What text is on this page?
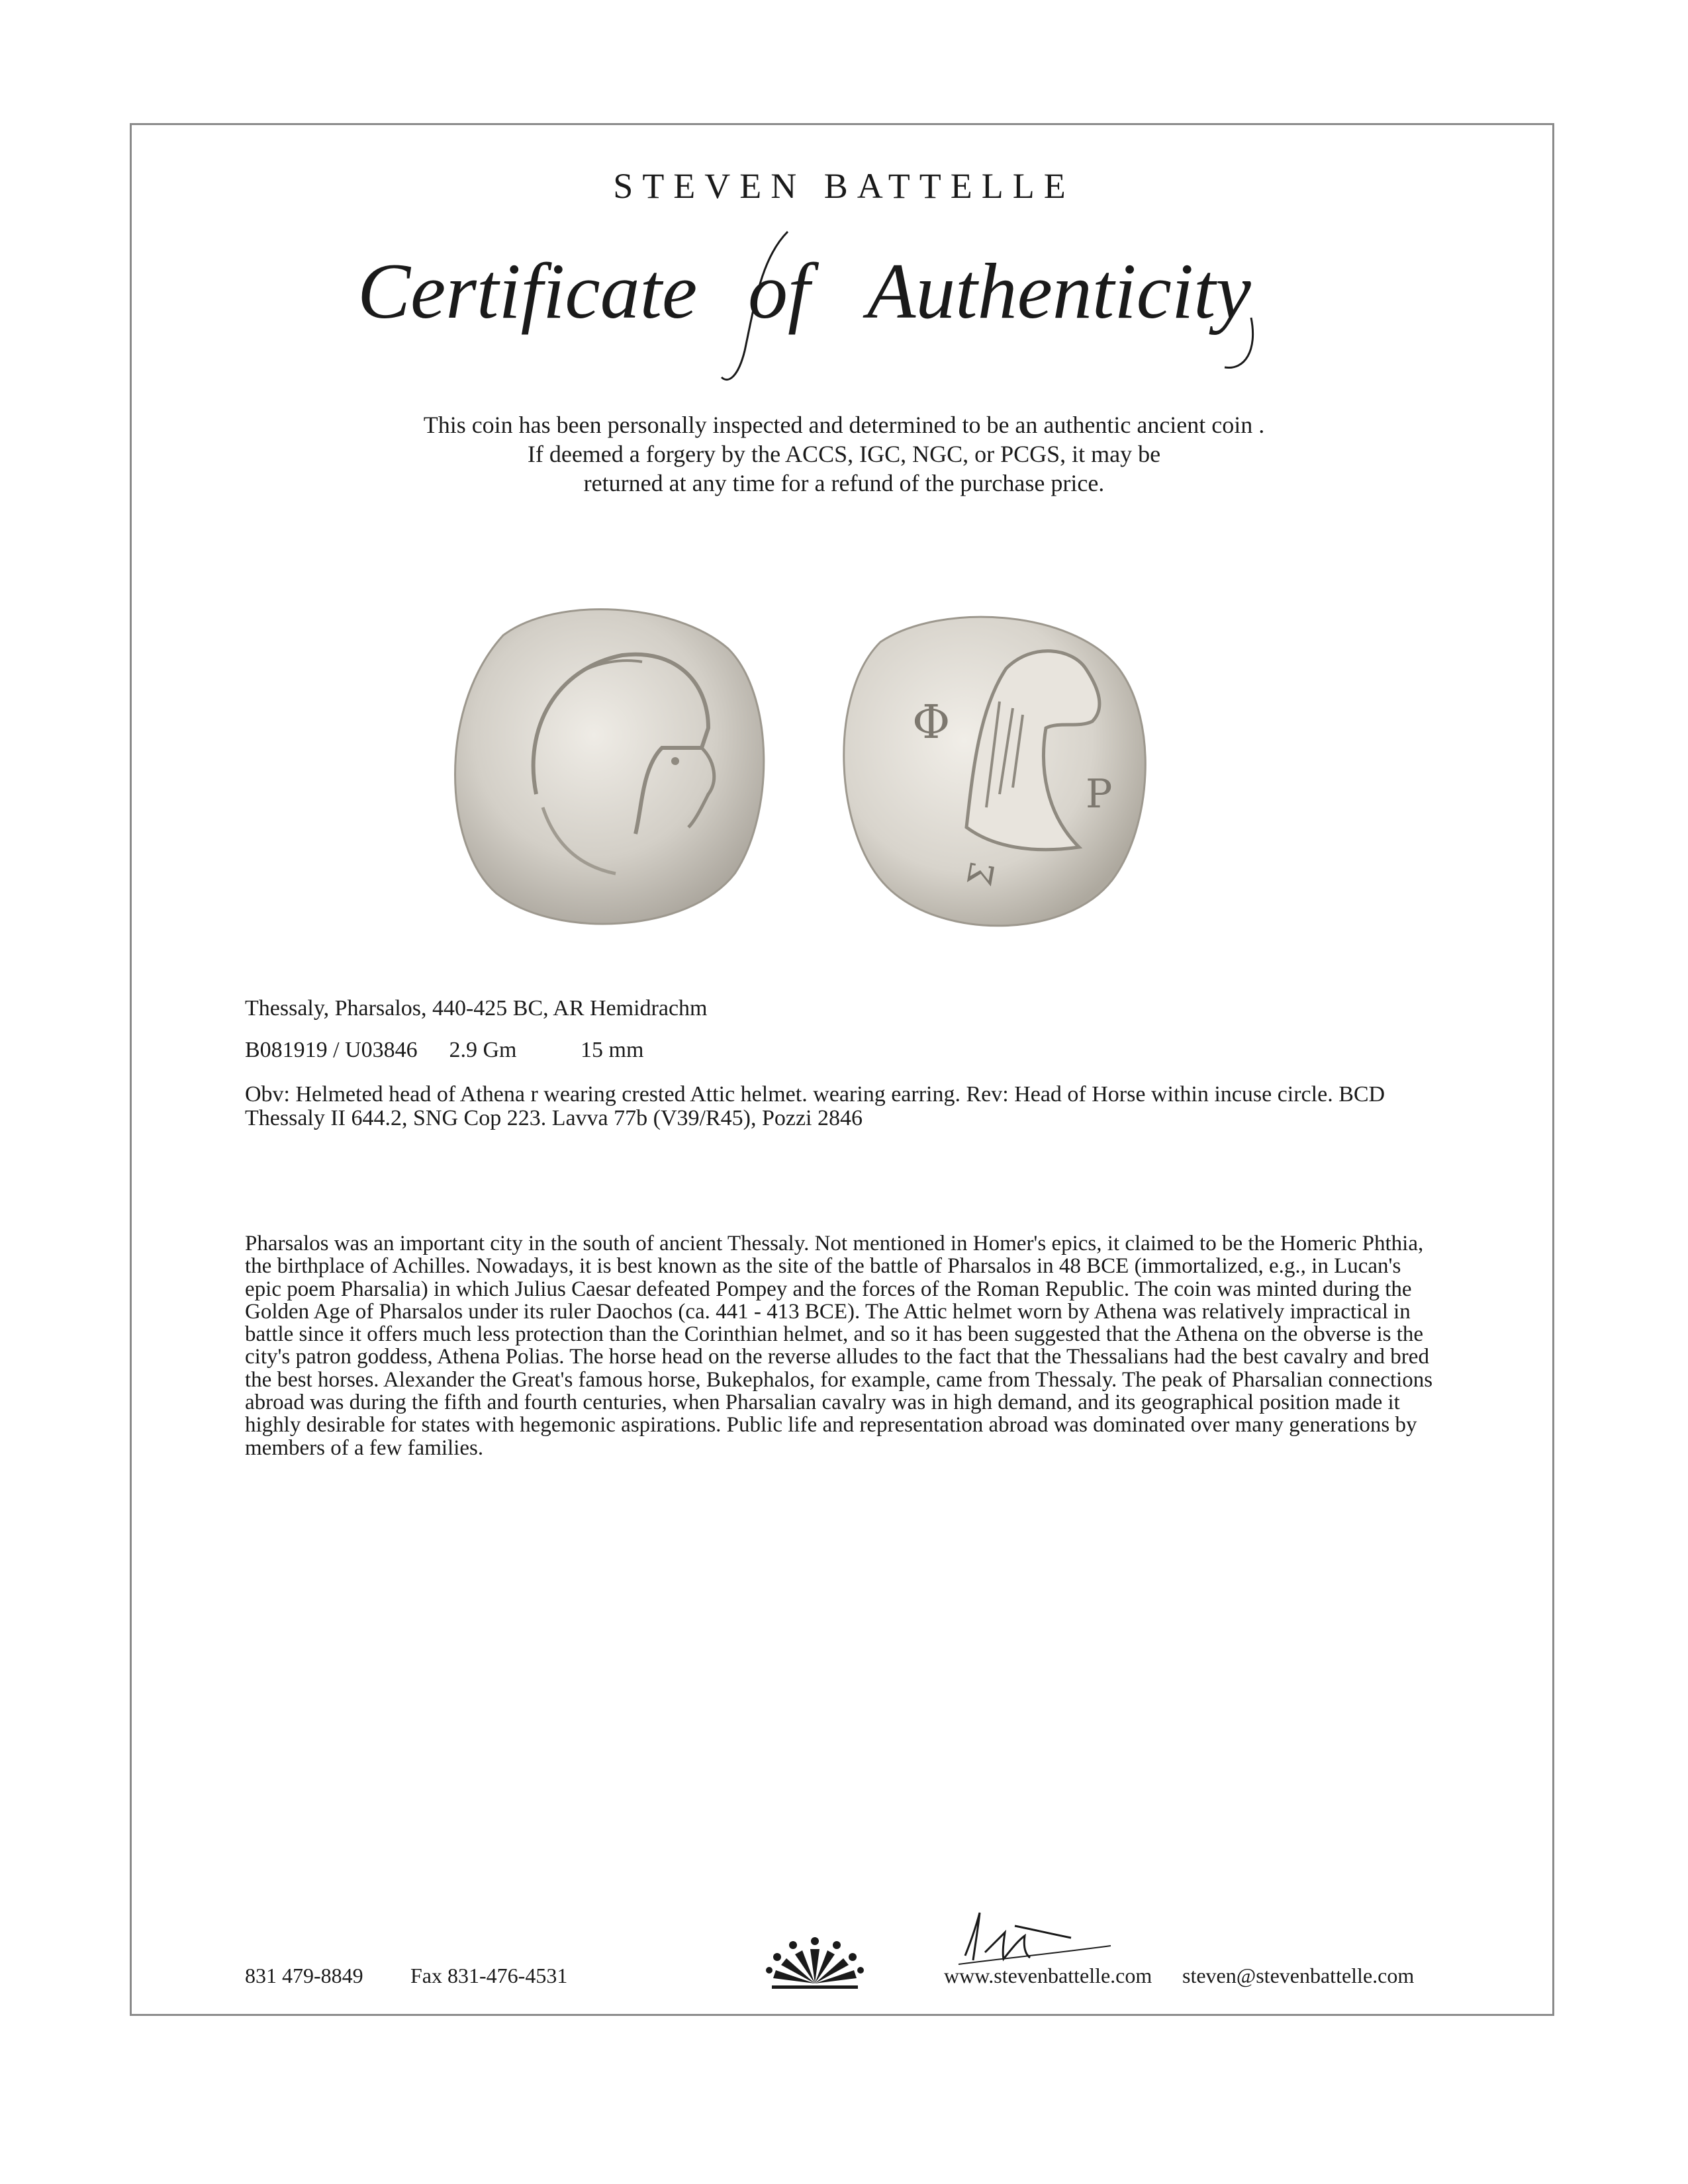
STEVEN BATTELLE
Certificate of Authenticity
This coin has been personally inspected and determined to be an authentic ancient coin .
If deemed a forgery by the ACCS, IGC, NGC, or PCGS, it may be
returned at any time for a refund of the purchase price.
Φ
Ρ
Σ
Thessaly, Pharsalos, 440-425 BC, AR Hemidrachm
B081919 / U03846 2.9 Gm	15 mm
Obv: Helmeted head of Athena r wearing crested Attic helmet. wearing earring. Rev: Head of Horse within incuse circle. BCD Thessaly II 644.2, SNG Cop 223. Lavva 77b (V39/R45), Pozzi 2846
Pharsalos was an important city in the south of ancient Thessaly. Not mentioned in Homer's epics, it claimed to be the Homeric Phthia, the birthplace of Achilles. Nowadays, it is best known as the site of the battle of Pharsalos in 48 BCE (immortalized, e.g., in Lucan's epic poem Pharsalia) in which Julius Caesar defeated Pompey and the forces of the Roman Republic. The coin was minted during the Golden Age of Pharsalos under its ruler Daochos (ca. 441 - 413 BCE). The Attic helmet worn by Athena was relatively impractical in battle since it offers much less protection than the Corinthian helmet, and so it has been suggested that the Athena on the obverse is the city's patron goddess, Athena Polias. The horse head on the reverse alludes to the fact that the Thessalians had the best cavalry and bred the best horses. Alexander the Great's famous horse, Bukephalos, for example, came from Thessaly. The peak of Pharsalian connections abroad was during the fifth and fourth centuries, when Pharsalian cavalry was in high demand, and its geographical position made it highly desirable for states with hegemonic aspirations. Public life and representation abroad was dominated over many generations by members of a few families.
831 479-8849 Fax 831-476-4531	www.stevenbattelle.com steven@stevenbattelle.com
